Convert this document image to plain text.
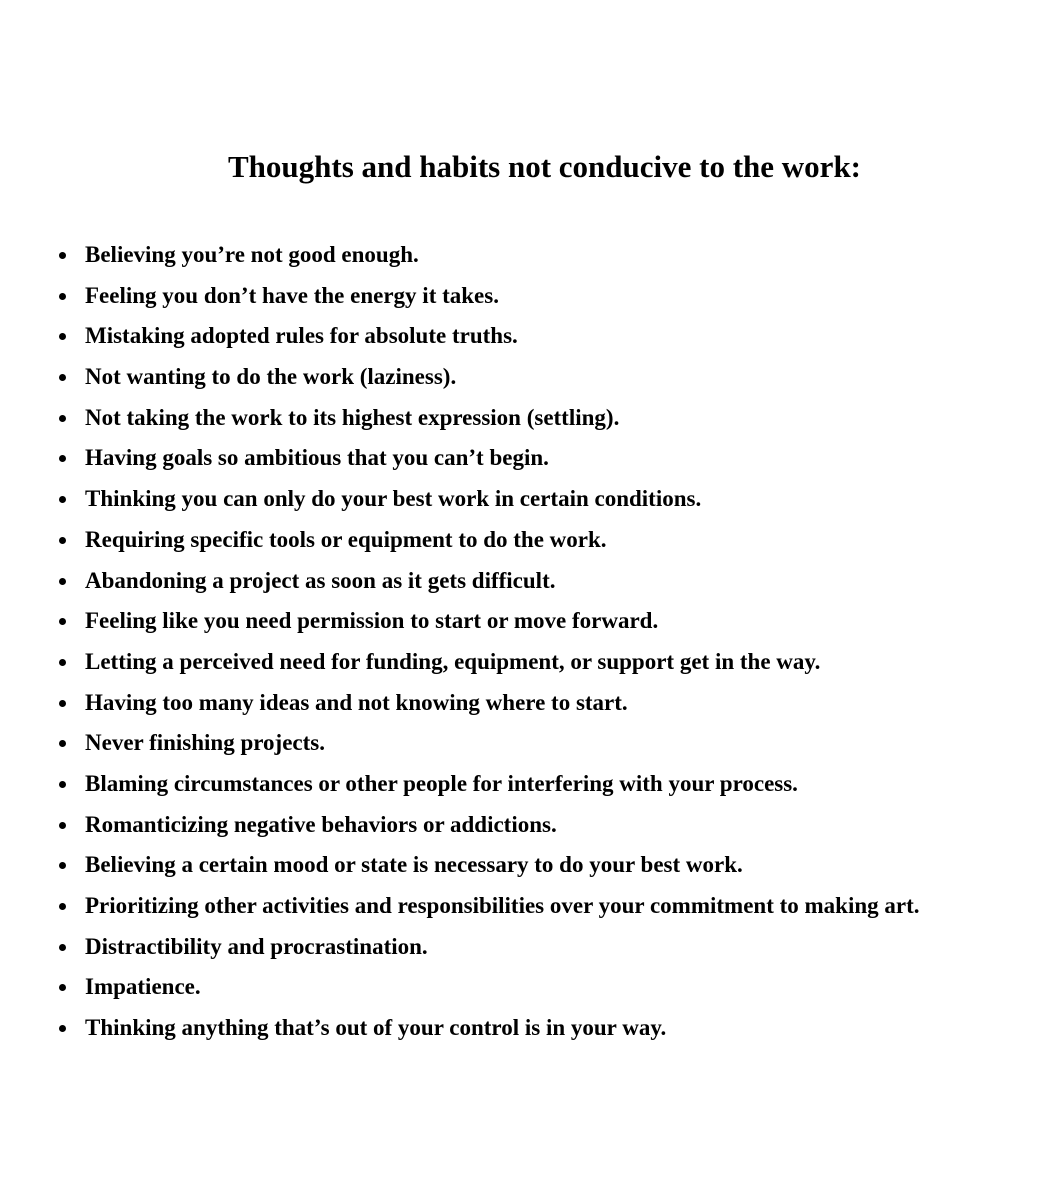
Thoughts and habits not conducive to the work:
Believing you’re not good enough.
Feeling you don’t have the energy it takes.
Mistaking adopted rules for absolute truths.
Not wanting to do the work (laziness).
Not taking the work to its highest expression (settling).
Having goals so ambitious that you can’t begin.
Thinking you can only do your best work in certain conditions.
Requiring specific tools or equipment to do the work.
Abandoning a project as soon as it gets difficult.
Feeling like you need permission to start or move forward.
Letting a perceived need for funding, equipment, or support get in the way.
Having too many ideas and not knowing where to start.
Never finishing projects.
Blaming circumstances or other people for interfering with your process.
Romanticizing negative behaviors or addictions.
Believing a certain mood or state is necessary to do your best work.
Prioritizing other activities and responsibilities over your commitment to making art.
Distractibility and procrastination.
Impatience.
Thinking anything that’s out of your control is in your way.
